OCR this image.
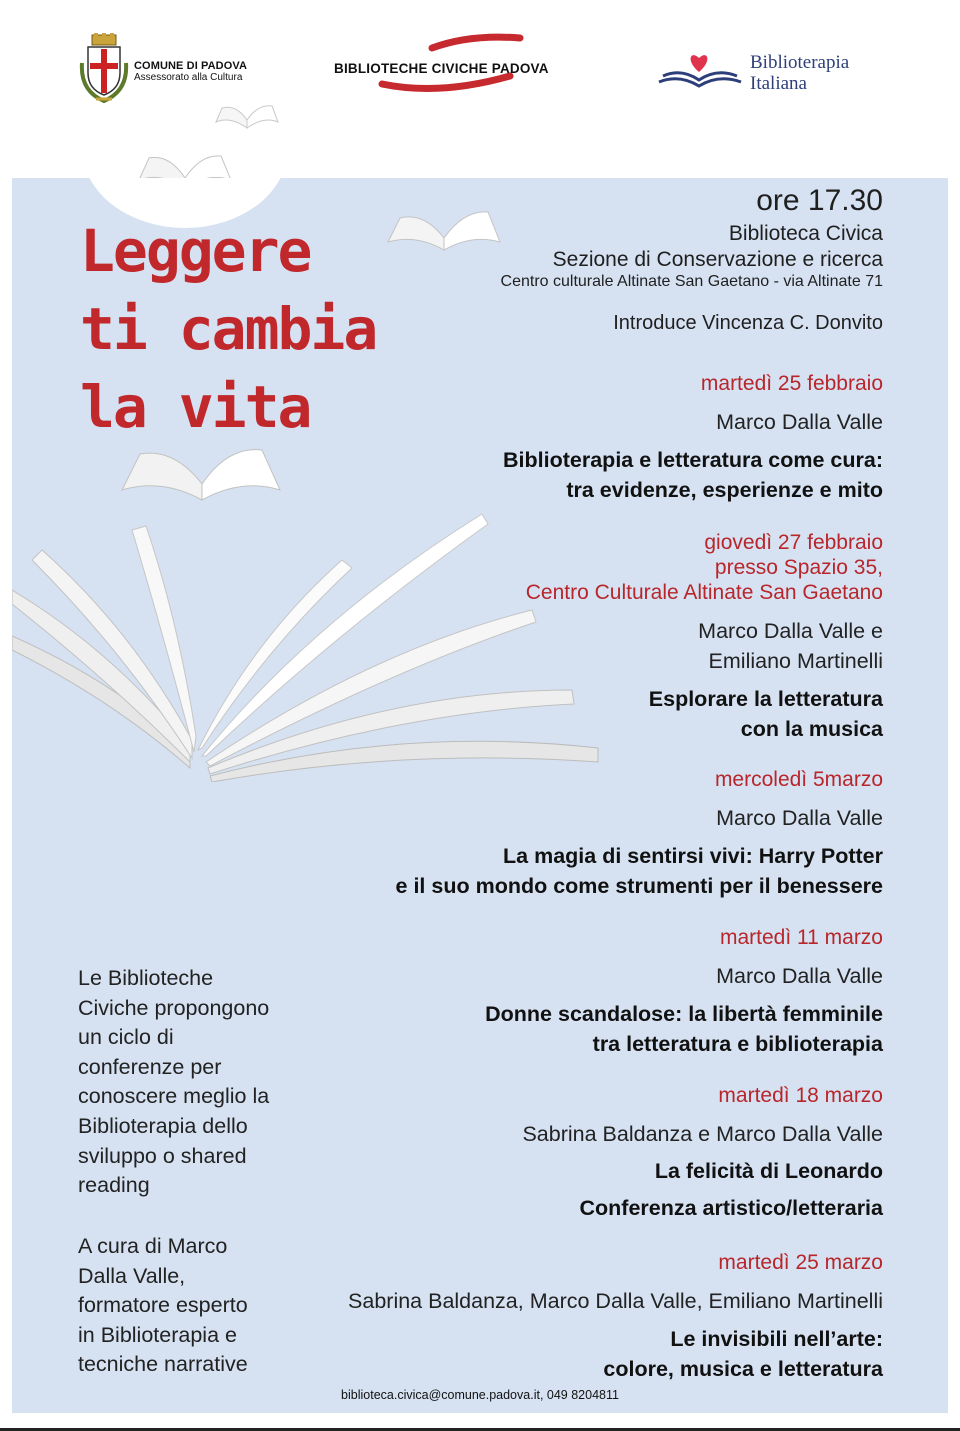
COMUNE DI PADOVA
Assessorato alla Cultura
BIBLIOTECHE CIVICHE PADOVA	Biblioterapia
Italiana
Leggere
ti cambia
la vita
ore 17.30
Biblioteca Civica
Sezione di Conservazione e ricerca
Centro culturale Altinate San Gaetano - via Altinate 71
Introduce Vincenza C. Donvito
martedì 25 febbraio
Marco Dalla Valle
Biblioterapia e letteratura come cura:
tra evidenze, esperienze e mito
giovedì 27 febbraio
presso Spazio 35,
Centro Culturale Altinate San Gaetano
Marco Dalla Valle e
Emiliano Martinelli
Esplorare la letteratura
con la musica
mercoledì 5marzo
Marco Dalla Valle
La magia di sentirsi vivi: Harry Potter
e il suo mondo come strumenti per il benessere
martedì 11 marzo
Marco Dalla Valle
Donne scandalose: la libertà femminile
tra letteratura e biblioterapia
martedì 18 marzo
Sabrina Baldanza e Marco Dalla Valle
La felicità di Leonardo
Conferenza artistico/letteraria
martedì 25 marzo
Sabrina Baldanza, Marco Dalla Valle, Emiliano Martinelli
Le invisibili nell’arte:
colore, musica e letteratura
Le Biblioteche
Civiche propongono
un ciclo di
conferenze per
conoscere meglio la
Biblioterapia dello
sviluppo o shared
reading
A cura di Marco
Dalla Valle,
formatore esperto
in Biblioterapia e
tecniche narrative
biblioteca.civica@comune.padova.it, 049 8204811
